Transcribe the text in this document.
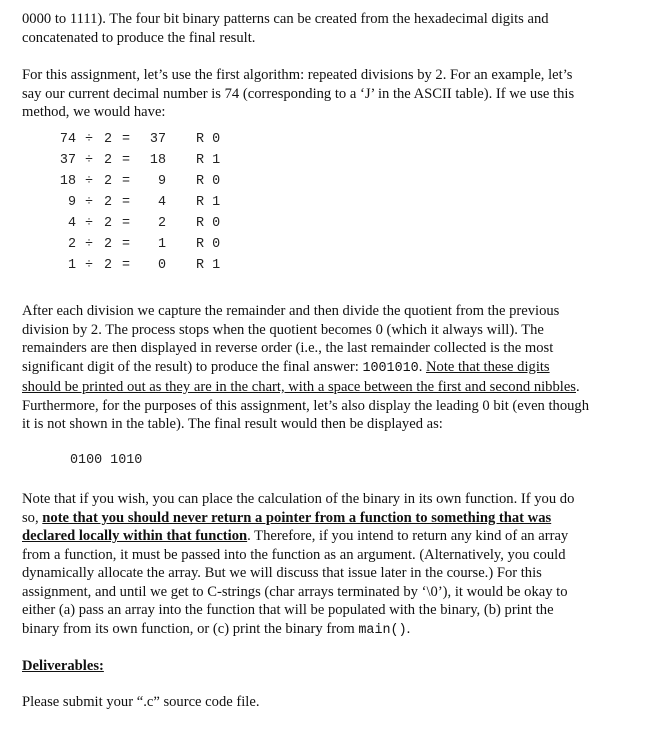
0000 to 1111). The four bit binary patterns can be created from the hexadecimal digits and
concatenated to produce the final result.

For this assignment, let’s use the first algorithm: repeated divisions by 2. For an example, let’s
say our current decimal number is 74 (corresponding to a ‘J’ in the ASCII table). If we use this
method, we would have:

74	÷	2	=	37	R 0
37	÷	2	=	18	R 1
18	÷	2	=	9	R 0
9	÷	2	=	4	R 1
4	÷	2	=	2	R 0
2	÷	2	=	1	R 0
1	÷	2	=	0	R 1

After each division we capture the remainder and then divide the quotient from the previous
division by 2. The process stops when the quotient becomes 0 (which it always will). The
remainders are then displayed in reverse order (i.e., the last remainder collected is the most
significant digit of the result) to produce the final answer: 1001010. Note that these digits
should be printed out as they are in the chart, with a space between the first and second nibbles.
Furthermore, for the purposes of this assignment, let’s also display the leading 0 bit (even though
it is not shown in the table). The final result would then be displayed as:

0100 1010

Note that if you wish, you can place the calculation of the binary in its own function. If you do
so, note that you should never return a pointer from a function to something that was
declared locally within that function. Therefore, if you intend to return any kind of an array
from a function, it must be passed into the function as an argument. (Alternatively, you could
dynamically allocate the array. But we will discuss that issue later in the course.) For this
assignment, and until we get to C-strings (char arrays terminated by ‘\0’), it would be okay to
either (a) pass an array into the function that will be populated with the binary, (b) print the
binary from its own function, or (c) print the binary from main().

Deliverables:

Please submit your “.c” source code file.
